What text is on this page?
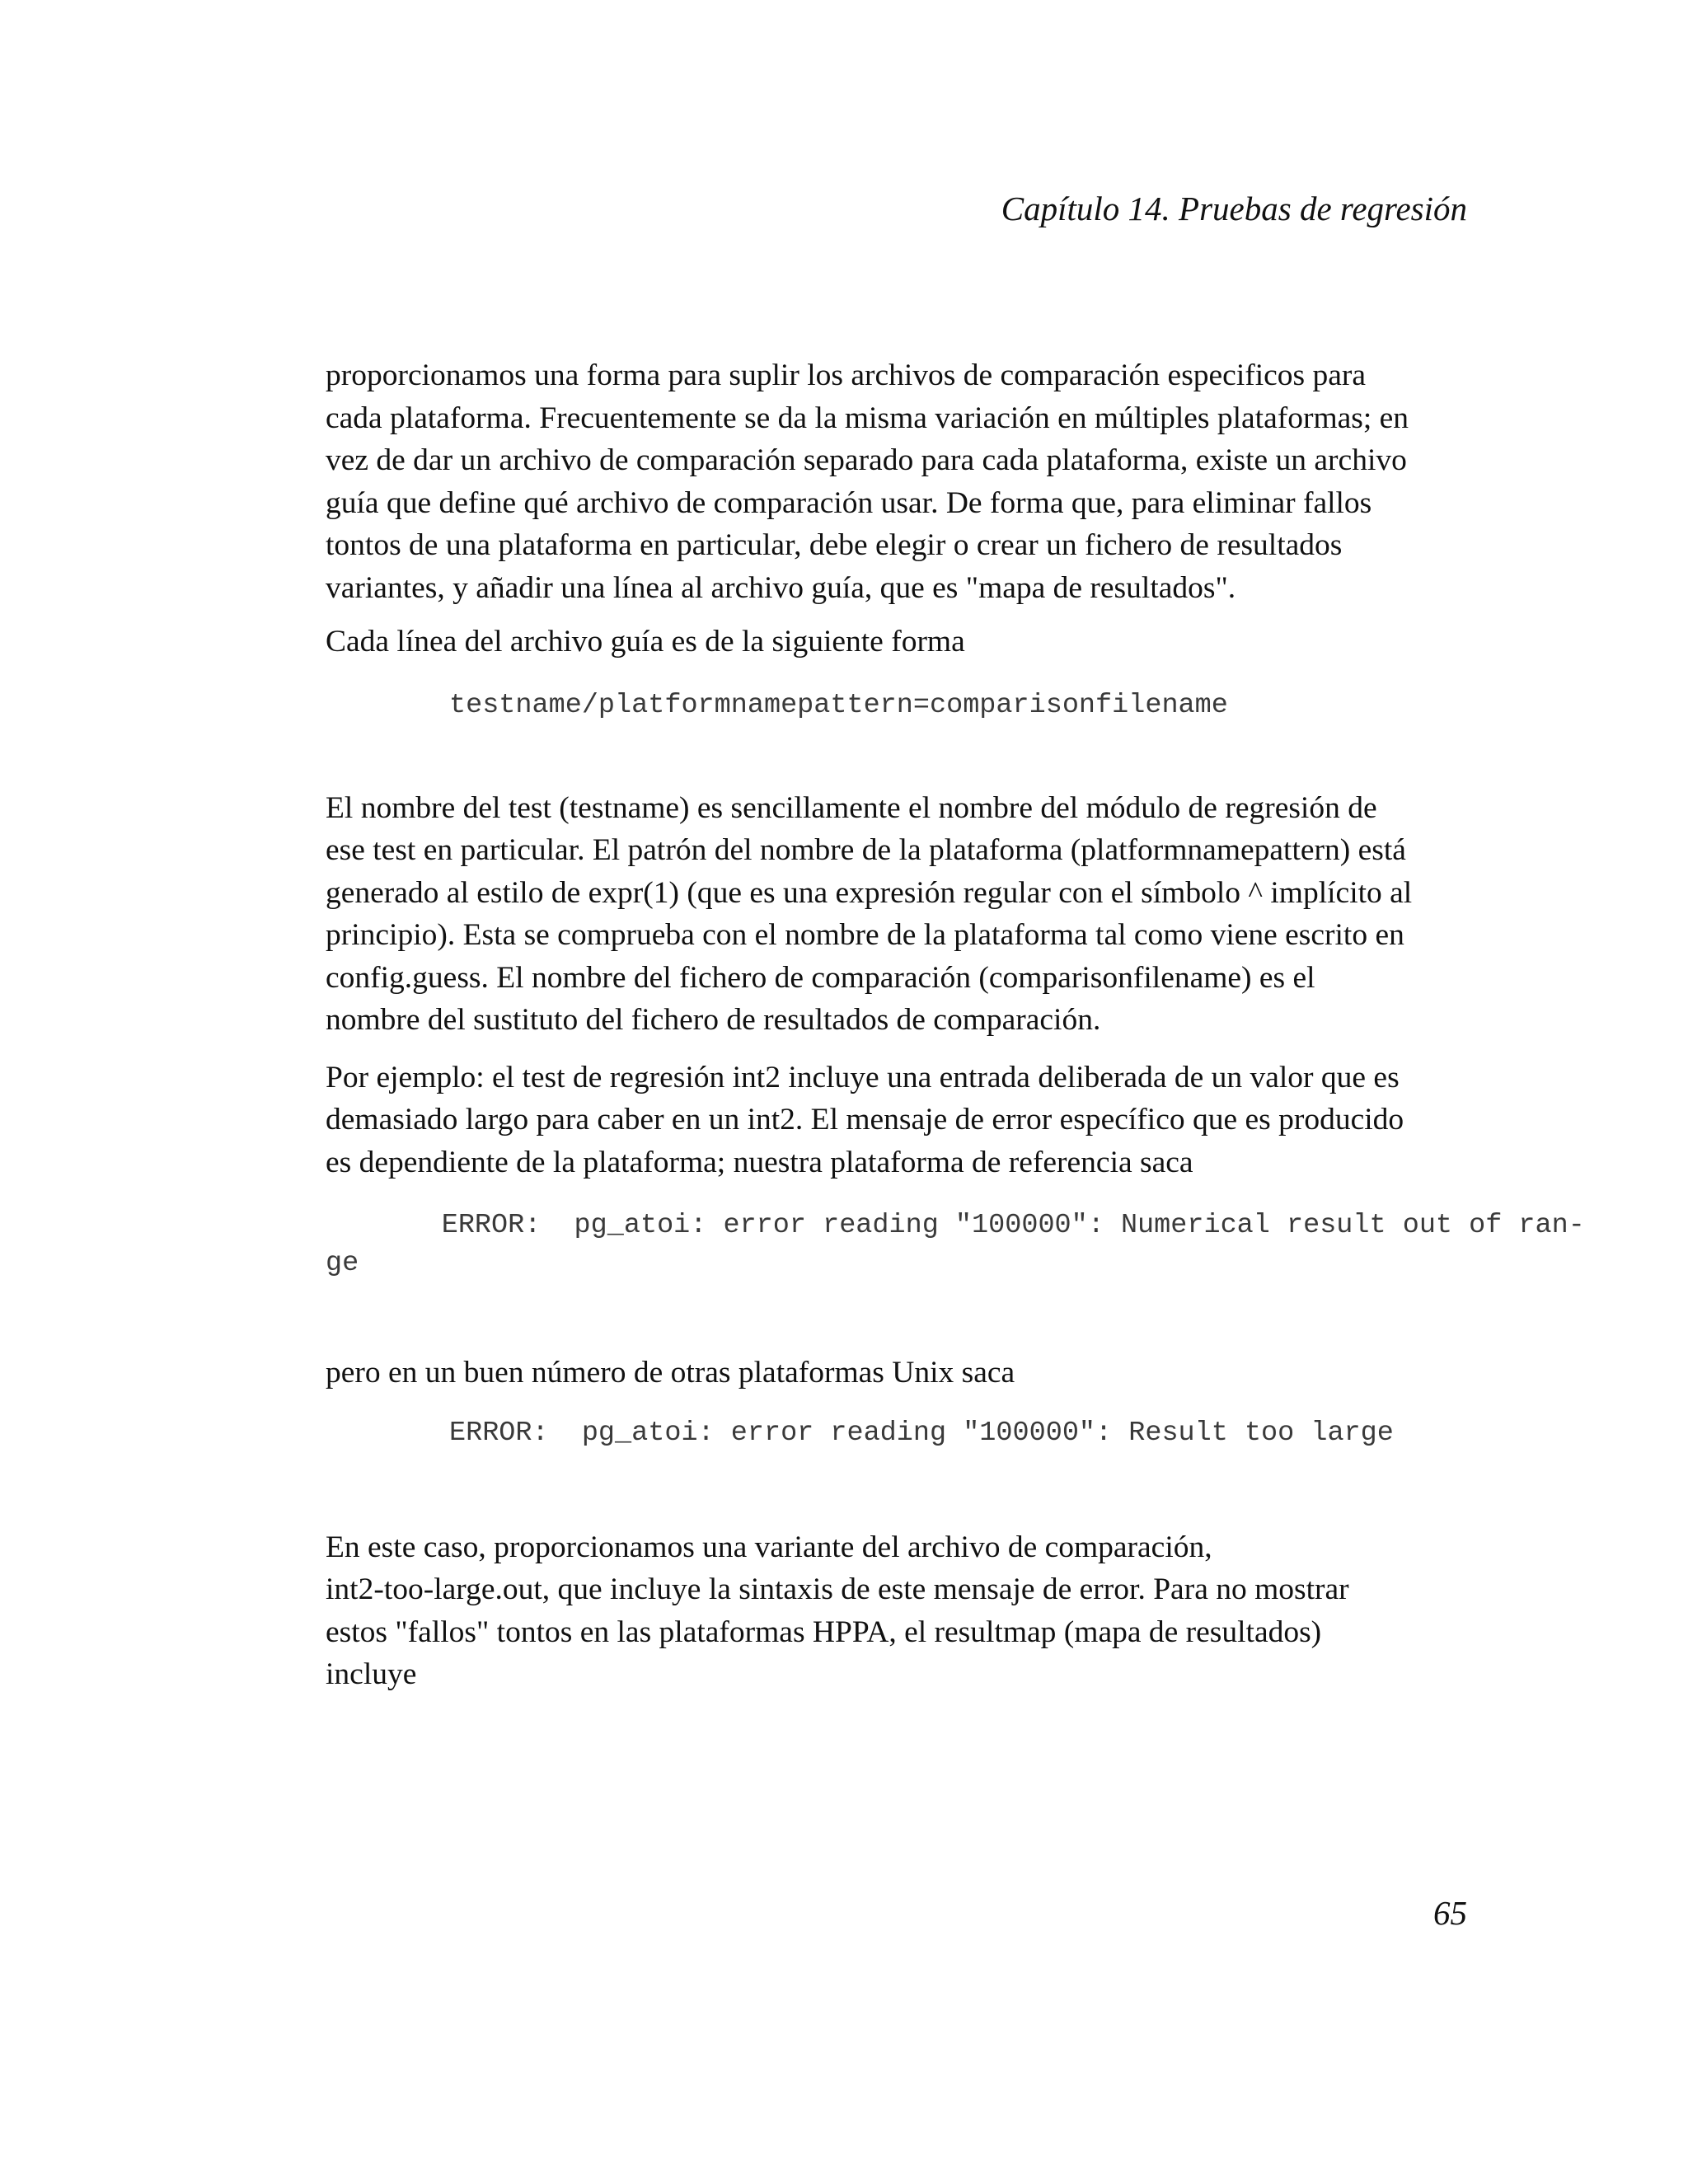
Capítulo 14. Pruebas de regresión

proporcionamos una forma para suplir los archivos de comparación especificos para
cada plataforma. Frecuentemente se da la misma variación en múltiples plataformas; en
vez de dar un archivo de comparación separado para cada plataforma, existe un archivo
guía que define qué archivo de comparación usar. De forma que, para eliminar fallos
tontos de una plataforma en particular, debe elegir o crear un fichero de resultados
variantes, y añadir una línea al archivo guía, que es "mapa de resultados".

Cada línea del archivo guía es de la siguiente forma

testname/platformnamepattern=comparisonfilename

El nombre del test (testname) es sencillamente el nombre del módulo de regresión de
ese test en particular. El patrón del nombre de la plataforma (platformnamepattern) está
generado al estilo de expr(1) (que es una expresión regular con el símbolo ^ implícito al
principio). Esta se comprueba con el nombre de la plataforma tal como viene escrito en
config.guess. El nombre del fichero de comparación (comparisonfilename) es el
nombre del sustituto del fichero de resultados de comparación.

Por ejemplo: el test de regresión int2 incluye una entrada deliberada de un valor que es
demasiado largo para caber en un int2. El mensaje de error específico que es producido
es dependiente de la plataforma; nuestra plataforma de referencia saca

ERROR:  pg_atoi: error reading "100000": Numerical result out of ran-
ge

pero en un buen número de otras plataformas Unix saca

ERROR:  pg_atoi: error reading "100000": Result too large

En este caso, proporcionamos una variante del archivo de comparación,
int2-too-large.out, que incluye la sintaxis de este mensaje de error. Para no mostrar
estos "fallos" tontos en las plataformas HPPA, el resultmap (mapa de resultados)
incluye

65
